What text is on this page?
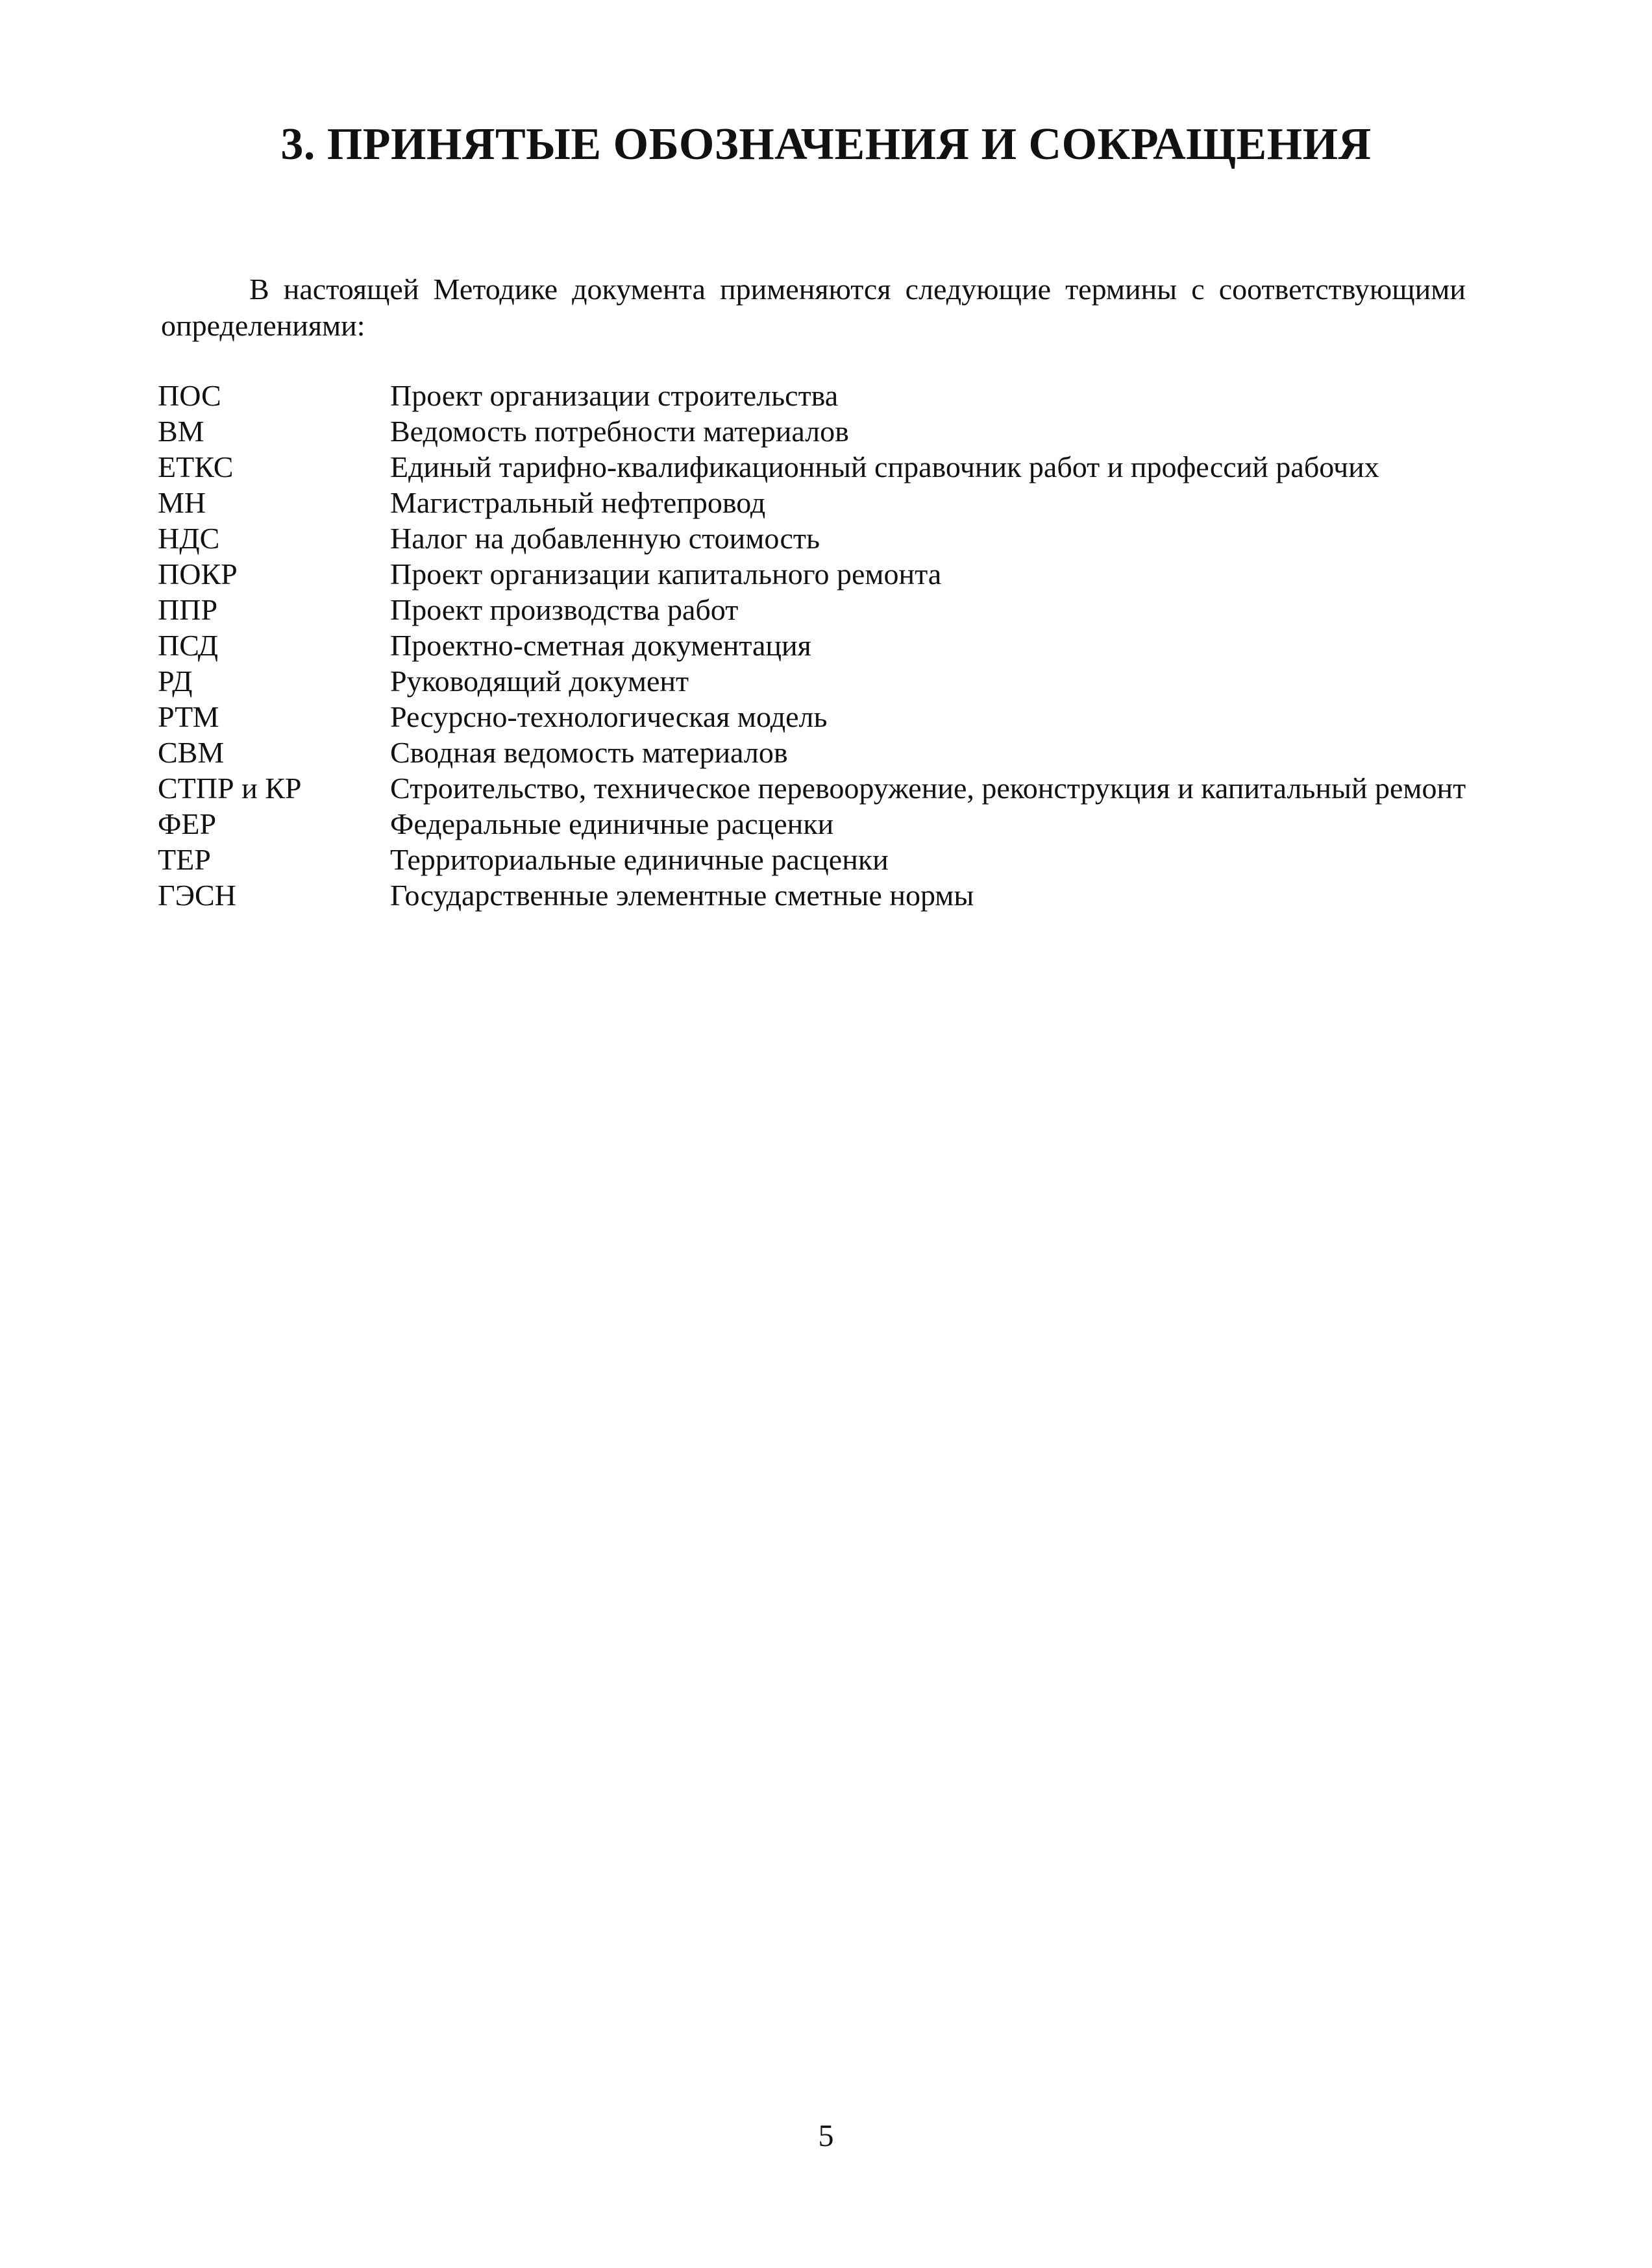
3. ПРИНЯТЫЕ ОБОЗНАЧЕНИЯ И СОКРАЩЕНИЯ

В настоящей Методике документа применяются следующие термины с соответствующими определениями:

ПОС	Проект организации строительства
ВМ	Ведомость потребности материалов
ЕТКС	Единый тарифно-квалификационный справочник работ и профессий рабочих
МН	Магистральный нефтепровод
НДС	Налог на добавленную стоимость
ПОКР	Проект организации капитального ремонта
ППР	Проект производства работ
ПСД	Проектно-сметная документация
РД	Руководящий документ
РТМ	Ресурсно-технологическая модель
СВМ	Сводная ведомость материалов
СТПР и КР	Строительство, техническое перевооружение, реконструкция и капитальный ремонт
ФЕР	Федеральные единичные расценки
ТЕР	Территориальные единичные расценки
ГЭСН	Государственные элементные сметные нормы
5
